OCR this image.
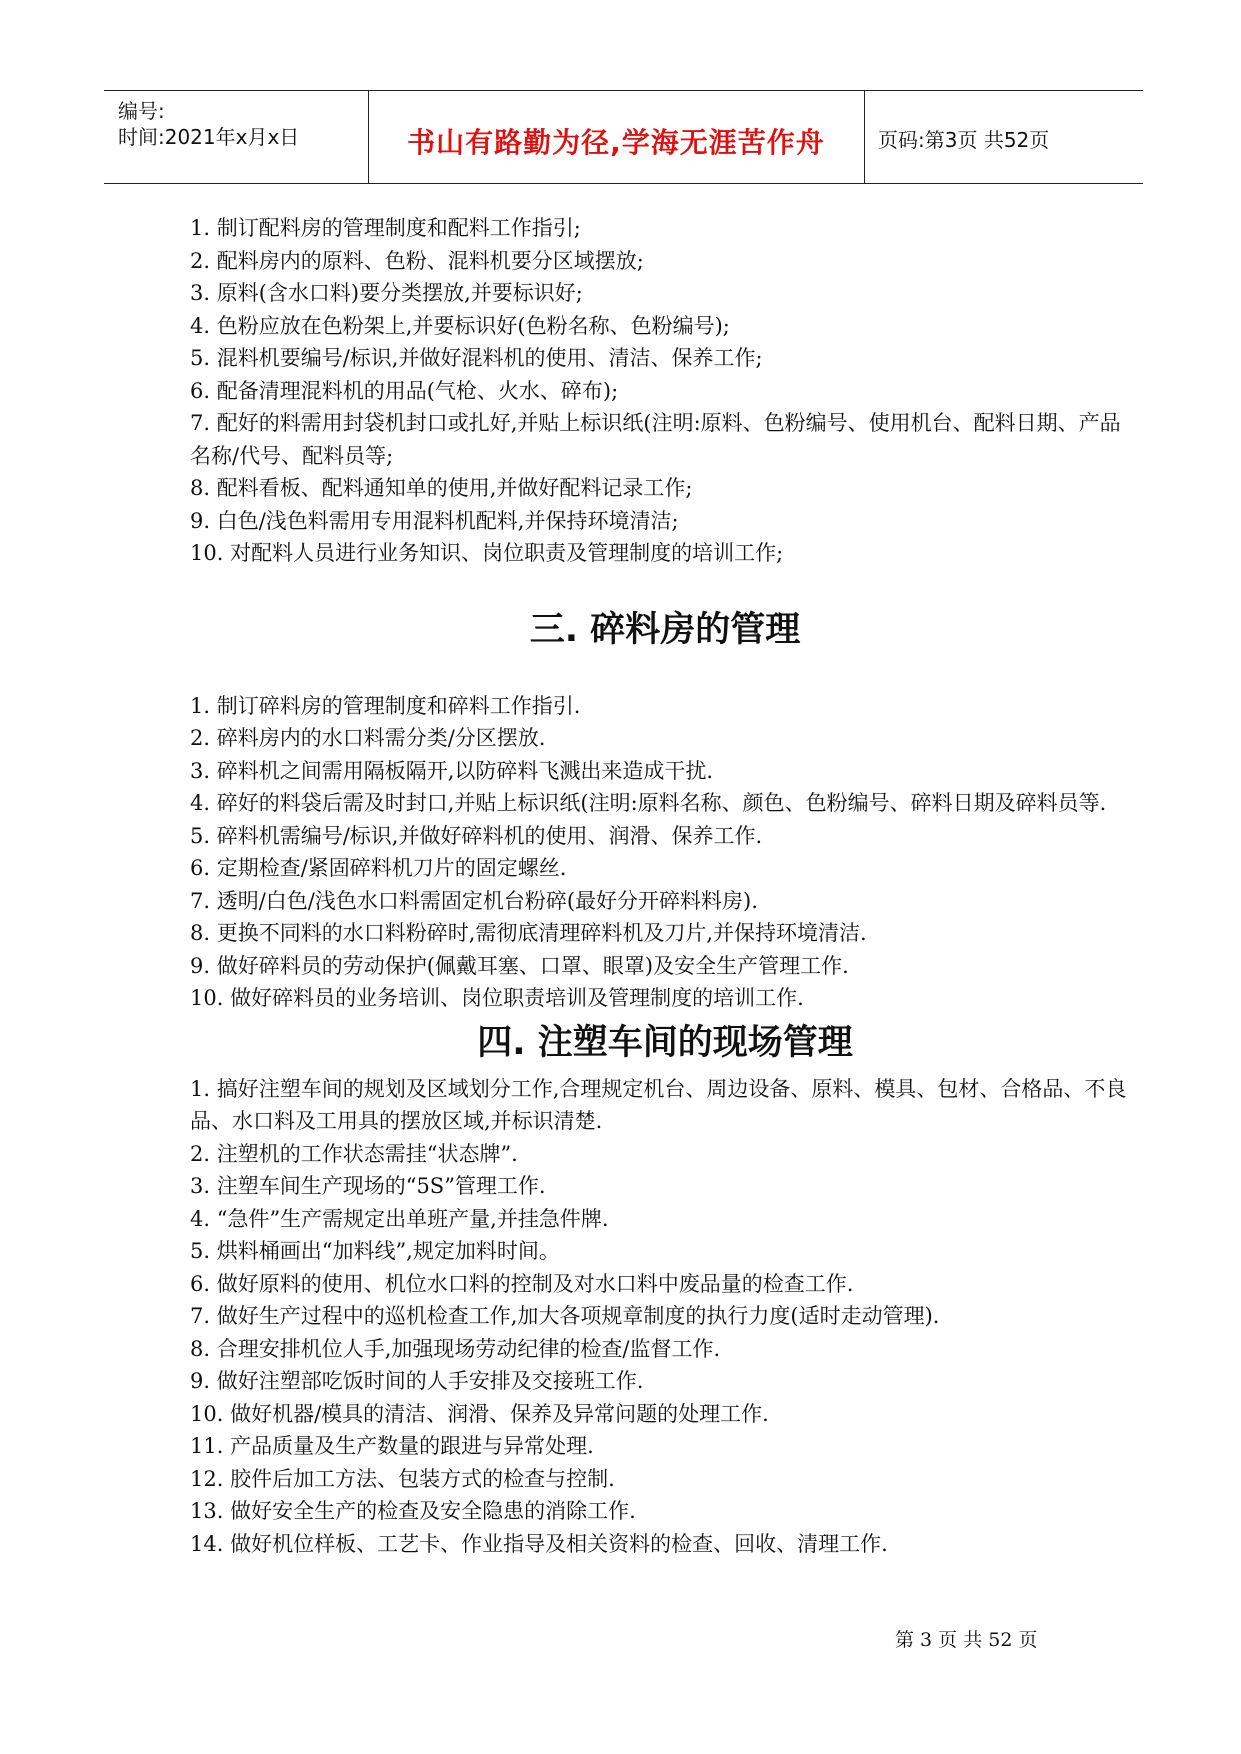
编号:
时间:2021年x月x日	书山有路勤为径,学海无涯苦作舟	页码:第3页 共52页
1. 制订配料房的管理制度和配料工作指引;
2. 配料房内的原料、色粉、混料机要分区域摆放;
3. 原料(含水口料)要分类摆放,并要标识好;
4. 色粉应放在色粉架上,并要标识好(色粉名称、色粉编号);
5. 混料机要编号/标识,并做好混料机的使用、清洁、保养工作;
6. 配备清理混料机的用品(气枪、火水、碎布);
7. 配好的料需用封袋机封口或扎好,并贴上标识纸(注明:原料、色粉编号、使用机台、配料日期、产品名称/代号、配料员等;
8. 配料看板、配料通知单的使用,并做好配料记录工作;
9. 白色/浅色料需用专用混料机配料,并保持环境清洁;
10. 对配料人员进行业务知识、岗位职责及管理制度的培训工作;
三. 碎料房的管理
1. 制订碎料房的管理制度和碎料工作指引.
2. 碎料房内的水口料需分类/分区摆放.
3. 碎料机之间需用隔板隔开,以防碎料飞溅出来造成干扰.
4. 碎好的料袋后需及时封口,并贴上标识纸(注明:原料名称、颜色、色粉编号、碎料日期及碎料员等.
5. 碎料机需编号/标识,并做好碎料机的使用、润滑、保养工作.
6. 定期检查/紧固碎料机刀片的固定螺丝.
7. 透明/白色/浅色水口料需固定机台粉碎(最好分开碎料料房).
8. 更换不同料的水口料粉碎时,需彻底清理碎料机及刀片,并保持环境清洁.
9. 做好碎料员的劳动保护(佩戴耳塞、口罩、眼罩)及安全生产管理工作.
10. 做好碎料员的业务培训、岗位职责培训及管理制度的培训工作.
四. 注塑车间的现场管理
1. 搞好注塑车间的规划及区域划分工作,合理规定机台、周边设备、原料、模具、包材、合格品、不良品、水口料及工用具的摆放区域,并标识清楚.
2. 注塑机的工作状态需挂“状态牌”.
3. 注塑车间生产现场的“5S”管理工作.
4. “急件”生产需规定出单班产量,并挂急件牌.
5. 烘料桶画出“加料线”,规定加料时间。
6. 做好原料的使用、机位水口料的控制及对水口料中废品量的检查工作.
7. 做好生产过程中的巡机检查工作,加大各项规章制度的执行力度(适时走动管理).
8. 合理安排机位人手,加强现场劳动纪律的检查/监督工作.
9. 做好注塑部吃饭时间的人手安排及交接班工作.
10. 做好机器/模具的清洁、润滑、保养及异常问题的处理工作.
11. 产品质量及生产数量的跟进与异常处理.
12. 胶件后加工方法、包装方式的检查与控制.
13. 做好安全生产的检查及安全隐患的消除工作.
14. 做好机位样板、工艺卡、作业指导及相关资料的检查、回收、清理工作.
第 3 页 共 52 页
